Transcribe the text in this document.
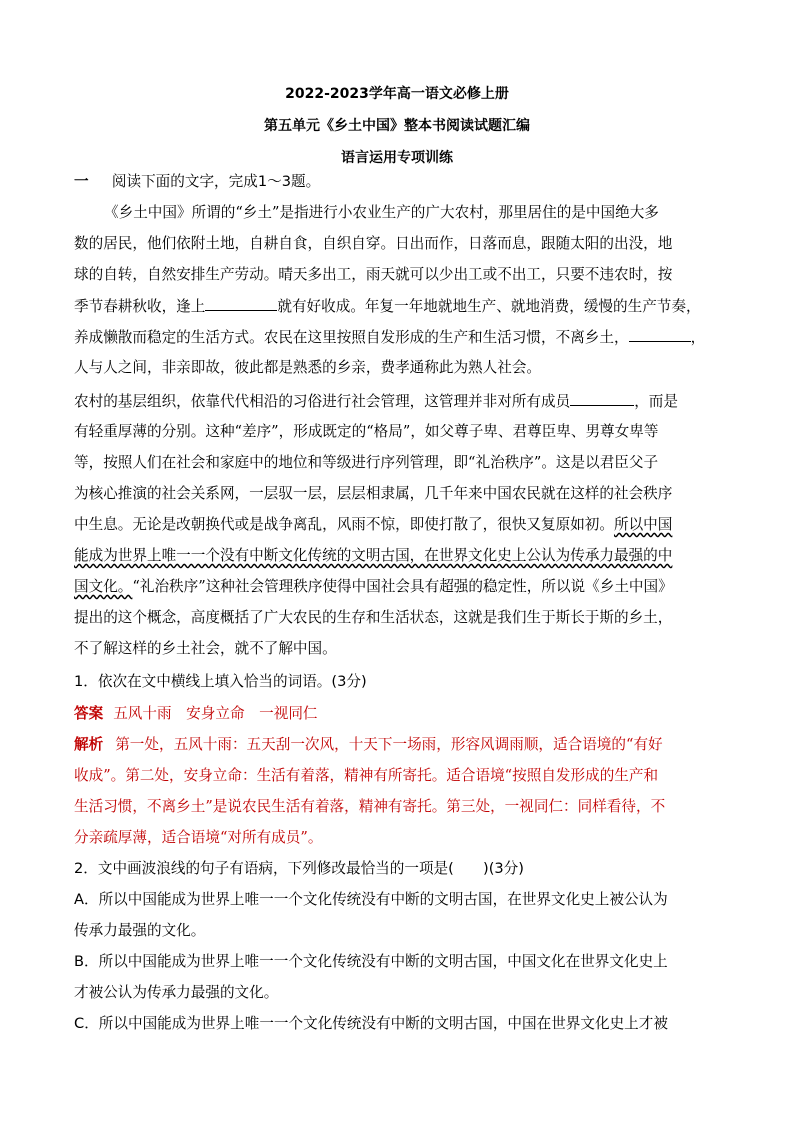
2022-2023学年高一语文必修上册
第五单元《乡土中国》整本书阅读试题汇编
语言运用专项训练
一 阅读下面的文字，完成1～3题。
《乡土中国》所谓的“乡土”是指进行小农业生产的广大农村，那里居住的是中国绝大多
数的居民，他们依附土地，自耕自食，自织自穿。日出而作，日落而息，跟随太阳的出没，地
球的自转，自然安排生产劳动。晴天多出工，雨天就可以少出工或不出工，只要不违农时，按
季节春耕秋收，逢上	就有好收成。年复一年地就地生产、就地消费，缓慢的生产节奏，
养成懒散而稳定的生活方式。农民在这里按照自发形成的生产和生活习惯，不离乡土，	，
人与人之间，非亲即故，彼此都是熟悉的乡亲，费孝通称此为熟人社会。
农村的基层组织，依靠代代相沿的习俗进行社会管理，这管理并非对所有成员	，而是
有轻重厚薄的分别。这种“差序”，形成既定的“格局”，如父尊子卑、君尊臣卑、男尊女卑等
等，按照人们在社会和家庭中的地位和等级进行序列管理，即“礼治秩序”。这是以君臣父子
为核心推演的社会关系网，一层驭一层，层层相隶属，几千年来中国农民就在这样的社会秩序
中生息。无论是改朝换代或是战争离乱，风雨不惊，即使打散了，很快又复原如初。所以中国
能成为世界上唯一一个没有中断文化传统的文明古国，在世界文化史上公认为传承力最强的中
国文化。“礼治秩序”这种社会管理秩序使得中国社会具有超强的稳定性，所以说《乡土中国》
提出的这个概念，高度概括了广大农民的生存和生活状态，这就是我们生于斯长于斯的乡土，
不了解这样的乡土社会，就不了解中国。
1．依次在文中横线上填入恰当的词语。(3分)
答案 五风十雨　安身立命　一视同仁
解析 第一处，五风十雨：五天刮一次风，十天下一场雨，形容风调雨顺，适合语境的“有好
收成”。第二处，安身立命：生活有着落，精神有所寄托。适合语境“按照自发形成的生产和
生活习惯，不离乡土”是说农民生活有着落，精神有寄托。第三处，一视同仁：同样看待，不
分亲疏厚薄，适合语境“对所有成员”。
2．文中画波浪线的句子有语病，下列修改最恰当的一项是(　　)(3分)
A．所以中国能成为世界上唯一一个文化传统没有中断的文明古国，在世界文化史上被公认为
传承力最强的文化。
B．所以中国能成为世界上唯一一个文化传统没有中断的文明古国，中国文化在世界文化史上
才被公认为传承力最强的文化。
C．所以中国能成为世界上唯一一个文化传统没有中断的文明古国，中国在世界文化史上才被
